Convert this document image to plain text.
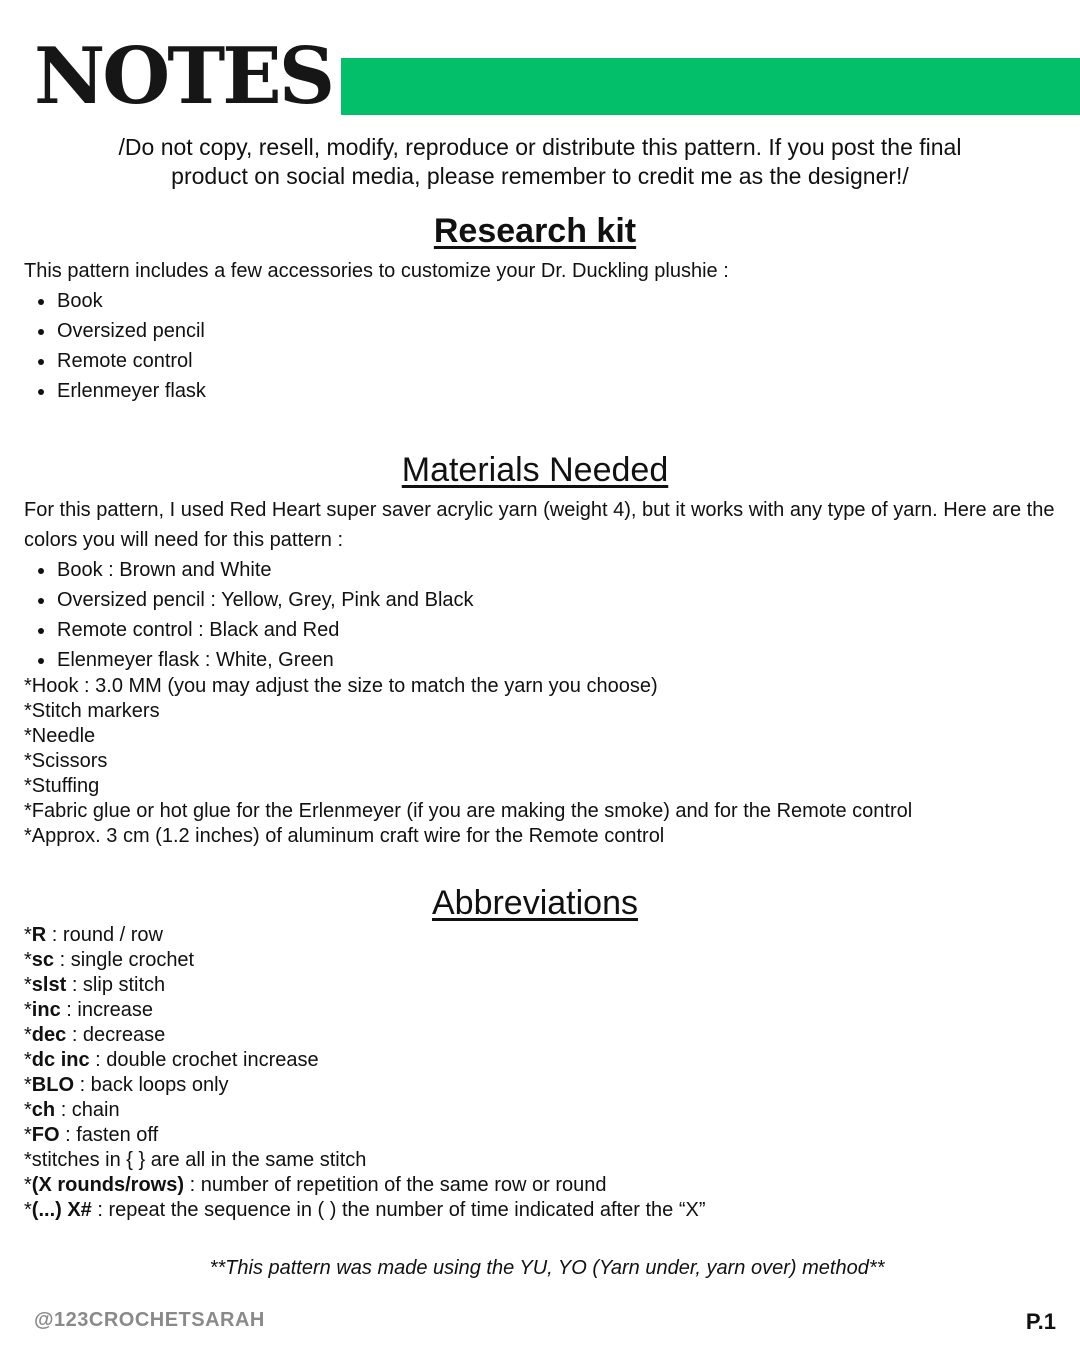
NOTES
/Do not copy, resell, modify, reproduce or distribute this pattern. If you post the final
product on social media, please remember to credit me as the designer!/
Research kit
This pattern includes a few accessories to customize your Dr. Duckling plushie :
Book
Oversized pencil
Remote control
Erlenmeyer flask
Materials Needed
For this pattern, I used Red Heart super saver acrylic yarn (weight 4), but it works with any type of yarn. Here are the colors you will need for this pattern :
Book : Brown and White
Oversized pencil : Yellow, Grey, Pink and Black
Remote control : Black and Red
Elenmeyer flask : White, Green
*Hook : 3.0 MM (you may adjust the size to match the yarn you choose)
*Stitch markers
*Needle
*Scissors
*Stuffing
*Fabric glue or hot glue for the Erlenmeyer (if you are making the smoke) and for the Remote control
*Approx. 3 cm (1.2 inches) of aluminum craft wire for the Remote control
Abbreviations
*R : round / row
*sc : single crochet
*slst : slip stitch
*inc : increase
*dec : decrease
*dc inc : double crochet increase
*BLO : back loops only
*ch : chain
*FO : fasten off
*stitches in { } are all in the same stitch
*(X rounds/rows) : number of repetition of the same row or round
*(...) X# : repeat the sequence in ( ) the number of time indicated after the “X”
**This pattern was made using the YU, YO (Yarn under, yarn over) method**
@123CROCHETSARAH	P.1
